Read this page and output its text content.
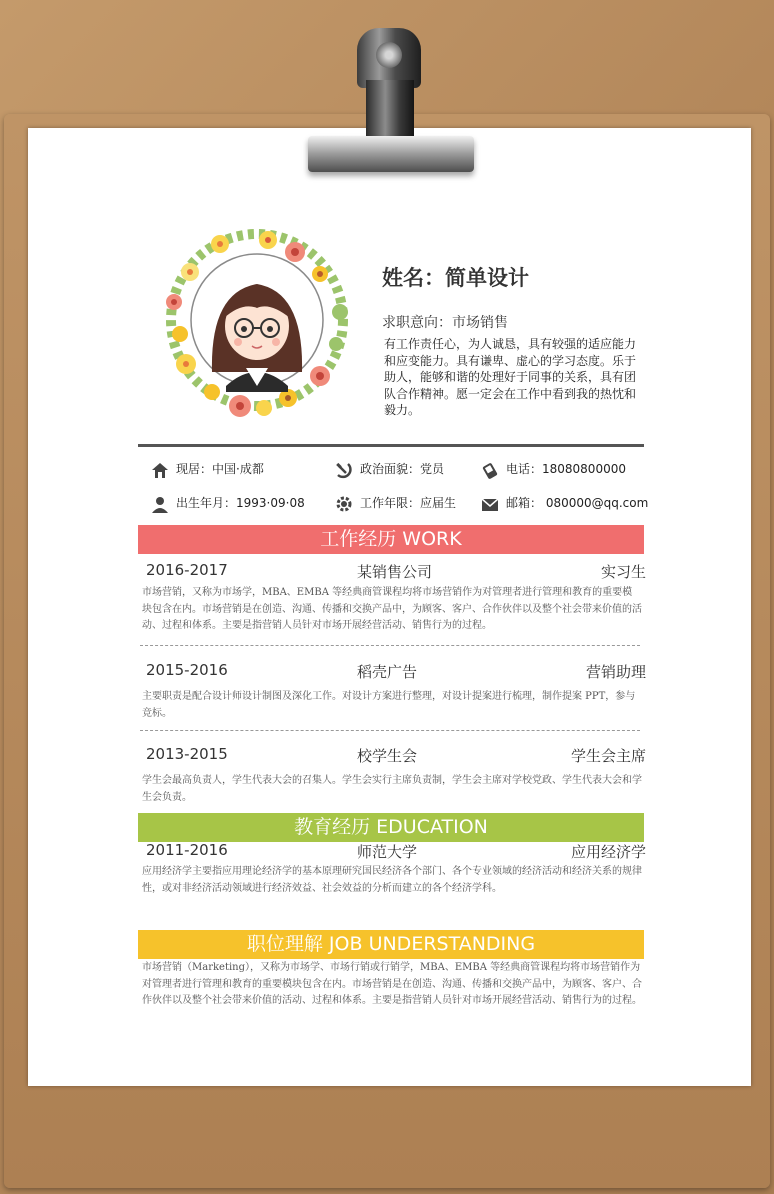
姓名：简单设计
求职意向：市场销售
有工作责任心，为人诚恳，具有较强的适应能力和应变能力。具有谦卑、虚心的学习态度。乐于助人，能够和谐的处理好于同事的关系，具有团队合作精神。愿一定会在工作中看到我的热忱和毅力。
现居：中国·成都	政治面貌：党员	电话：18080800000
出生年月：1993·09·08	工作年限：应届生	邮箱： 080000@qq.com
工作经历 WORK
2016-2017	某销售公司	实习生
市场营销，又称为市场学，MBA、EMBA 等经典商管课程均将市场营销作为对管理者进行管理和教育的重要模块包含在内。市场营销是在创造、沟通、传播和交换产品中，为顾客、客户、合作伙伴以及整个社会带来价值的活动、过程和体系。主要是指营销人员针对市场开展经营活动、销售行为的过程。
2015-2016	稻壳广告	营销助理
主要职责是配合设计师设计制图及深化工作。对设计方案进行整理，对设计提案进行梳理，制作提案 PPT，参与竞标。
2013-2015	校学生会	学生会主席
学生会最高负责人，学生代表大会的召集人。学生会实行主席负责制，学生会主席对学校党政、学生代表大会和学生会负责。
教育经历 EDUCATION
2011-2016	师范大学	应用经济学
应用经济学主要指应用理论经济学的基本原理研究国民经济各个部门、各个专业领域的经济活动和经济关系的规律性，或对非经济活动领域进行经济效益、社会效益的分析而建立的各个经济学科。
职位理解 JOB UNDERSTANDING
市场营销（Marketing），又称为市场学、市场行销或行销学，MBA、EMBA 等经典商管课程均将市场营销作为对管理者进行管理和教育的重要模块包含在内。市场营销是在创造、沟通、传播和交换产品中，为顾客、客户、合作伙伴以及整个社会带来价值的活动、过程和体系。主要是指营销人员针对市场开展经营活动、销售行为的过程。
